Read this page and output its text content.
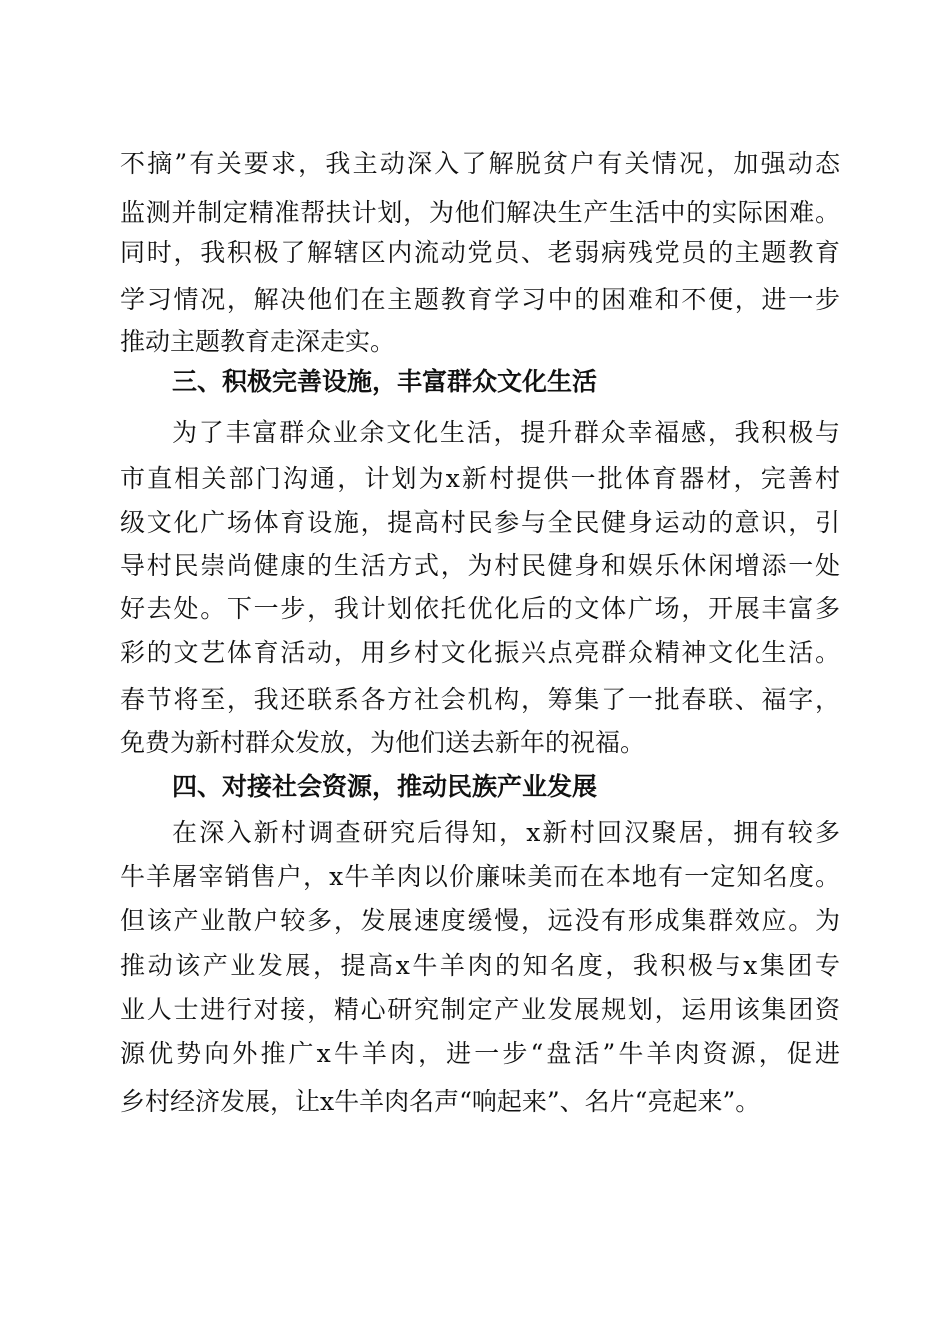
不摘”有关要求，我主动深入了解脱贫户有关情况，加强动态
监测并制定精准帮扶计划，为他们解决生产生活中的实际困难。
同时，我积极了解辖区内流动党员、老弱病残党员的主题教育
学习情况，解决他们在主题教育学习中的困难和不便，进一步
推动主题教育走深走实。
三、积极完善设施，丰富群众文化生活
为了丰富群众业余文化生活，提升群众幸福感，我积极与
市直相关部门沟通，计划为x新村提供一批体育器材，完善村
级文化广场体育设施，提高村民参与全民健身运动的意识，引
导村民崇尚健康的生活方式，为村民健身和娱乐休闲增添一处
好去处。下一步，我计划依托优化后的文体广场，开展丰富多
彩的文艺体育活动，用乡村文化振兴点亮群众精神文化生活。
春节将至，我还联系各方社会机构，筹集了一批春联、福字，
免费为新村群众发放，为他们送去新年的祝福。
四、对接社会资源，推动民族产业发展
在深入新村调查研究后得知，x新村回汉聚居，拥有较多
牛羊屠宰销售户，x牛羊肉以价廉味美而在本地有一定知名度。
但该产业散户较多，发展速度缓慢，远没有形成集群效应。为
推动该产业发展，提高x牛羊肉的知名度，我积极与x集团专
业人士进行对接，精心研究制定产业发展规划，运用该集团资
源优势向外推广x牛羊肉，进一步“盘活”牛羊肉资源，促进
乡村经济发展，让x牛羊肉名声“响起来”、名片“亮起来”。
